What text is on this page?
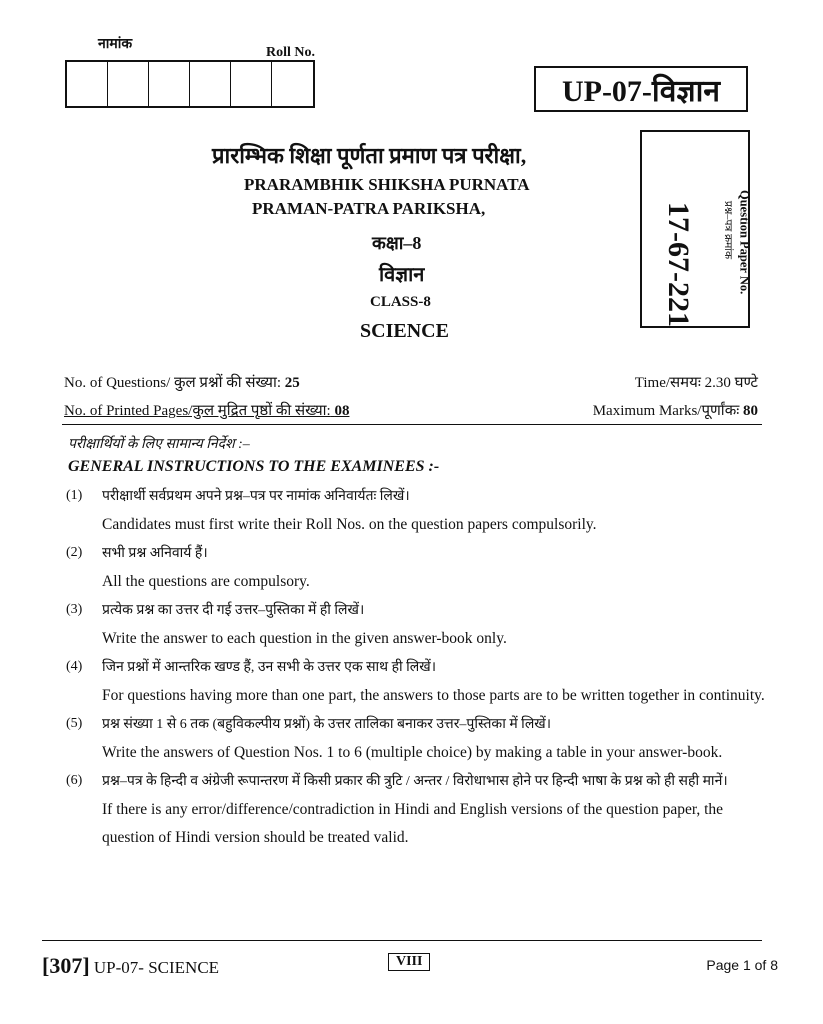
नामांक
Roll No.
UP-07-विज्ञान
17-67-221	प्रश्न–पत्र क्रमांक Question Paper No.
प्रारम्भिक शिक्षा पूर्णता प्रमाण पत्र परीक्षा,
PRARAMBHIK SHIKSHA PURNATA
PRAMAN-PATRA PARIKSHA,
कक्षा–8
विज्ञान
CLASS-8
SCIENCE
No. of Questions/ कुल प्रश्नों की संख्या: 25	Time/समयः 2.30 घण्टे
No. of Printed Pages/कुल मुद्रित पृष्ठों की संख्या: 08	Maximum Marks/पूर्णांकः 80
परीक्षार्थियों के लिए सामान्य निर्देश :–
GENERAL INSTRUCTIONS TO THE EXAMINEES :-
(1) परीक्षार्थी सर्वप्रथम अपने प्रश्न–पत्र पर नामांक अनिवार्यतः लिखें।
Candidates must first write their Roll Nos. on the question papers compulsorily.
(2) सभी प्रश्न अनिवार्य हैं।
All the questions are compulsory.
(3) प्रत्येक प्रश्न का उत्तर दी गई उत्तर–पुस्तिका में ही लिखें।
Write the answer to each question in the given answer-book only.
(4) जिन प्रश्नों में आन्तरिक खण्ड हैं, उन सभी के उत्तर एक साथ ही लिखें।
For questions having more than one part, the answers to those parts are to be written together in continuity.
(5) प्रश्न संख्या 1 से 6 तक (बहुविकल्पीय प्रश्नों) के उत्तर तालिका बनाकर उत्तर–पुस्तिका में लिखें।
Write the answers of Question Nos. 1 to 6 (multiple choice) by making a table in your answer-book.
(6) प्रश्न–पत्र के हिन्दी व अंग्रेजी रूपान्तरण में किसी प्रकार की त्रुटि / अन्तर / विरोधाभास होने पर हिन्दी भाषा के प्रश्न को ही सही मानें।
If there is any error/difference/contradiction in Hindi and English versions of the question paper, the question of Hindi version should be treated valid.
[307] UP-07- SCIENCE	VIII	Page 1 of 8
